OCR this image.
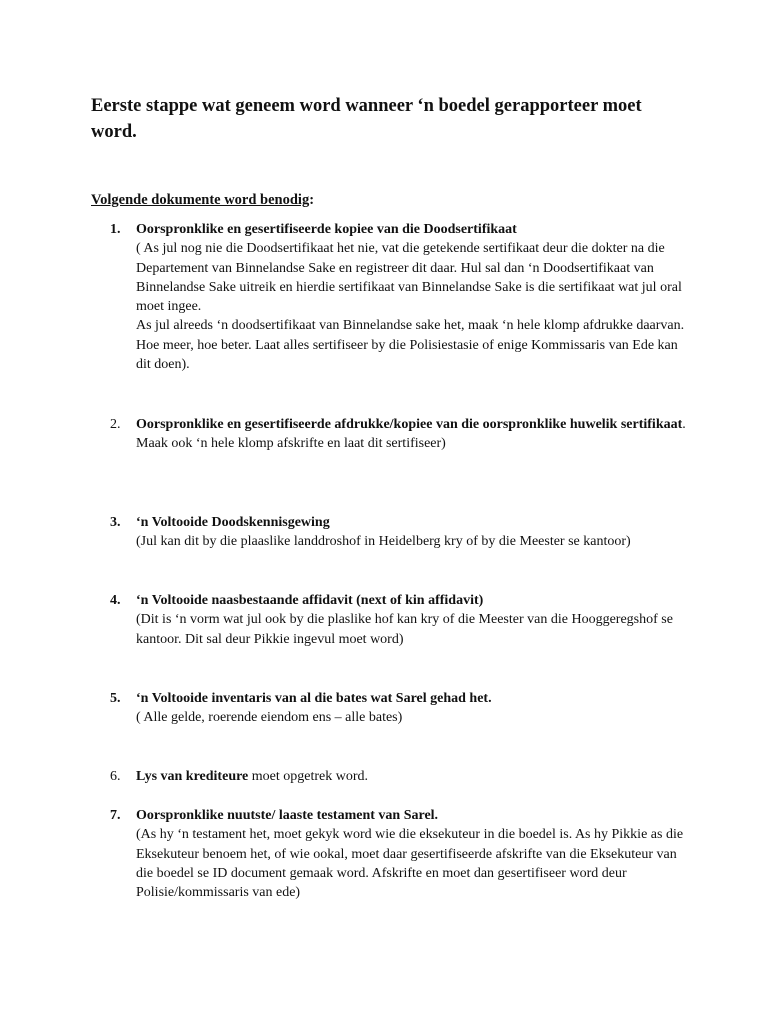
Eerste stappe wat geneem word wanneer ‘n boedel gerapporteer moet word.

Volgende dokumente word benodig:

1.	Oorspronklike en gesertifiseerde kopiee van die Doodsertifikaat
( As jul nog nie die Doodsertifikaat het nie, vat die getekende sertifikaat deur die dokter na die Departement van Binnelandse Sake en registreer dit daar. Hul sal dan ‘n Doodsertifikaat van Binnelandse Sake uitreik en hierdie sertifikaat van Binnelandse Sake is die sertifikaat wat jul oral moet ingee.
As jul alreeds ‘n doodsertifikaat van Binnelandse sake het, maak ‘n hele klomp afdrukke daarvan. Hoe meer, hoe beter. Laat alles sertifiseer by die Polisiestasie of enige Kommissaris van Ede kan dit doen).
2.	Oorspronklike en gesertifiseerde afdrukke/kopiee van die oorspronklike huwelik sertifikaat.
Maak ook ‘n hele klomp afskrifte en laat dit sertifiseer)
3.	‘n Voltooide Doodskennisgewing
(Jul kan dit by die plaaslike landdroshof in Heidelberg kry of by die Meester se kantoor)
4.	‘n Voltooide naasbestaande affidavit (next of kin affidavit)
(Dit is ‘n vorm wat jul ook by die plaslike hof kan kry of die Meester van die Hooggeregshof se kantoor. Dit sal deur Pikkie ingevul moet word)
5.	‘n Voltooide inventaris van al die bates wat Sarel gehad het.
( Alle gelde, roerende eiendom ens – alle bates)
6.	Lys van krediteure moet opgetrek word.
7.	Oorspronklike nuutste/ laaste testament van Sarel.
(As hy ‘n testament het, moet gekyk word wie die eksekuteur in die boedel is. As hy Pikkie as die Eksekuteur benoem het, of wie ookal, moet daar gesertifiseerde afskrifte van die Eksekuteur van die boedel se ID document gemaak word. Afskrifte en moet dan gesertifiseer word deur Polisie/kommissaris van ede)
